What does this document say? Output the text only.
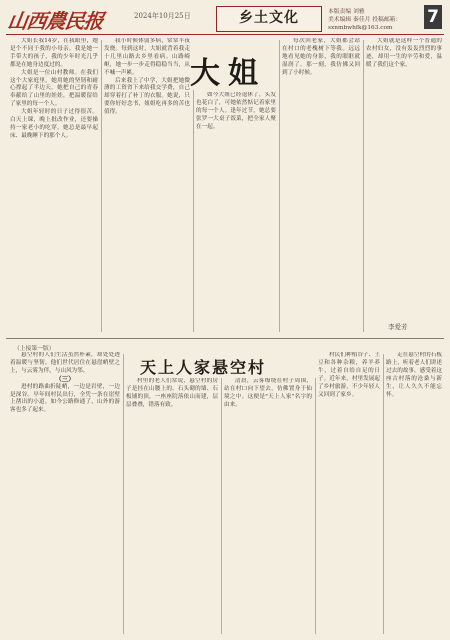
山西農民报	2024年10月25日	乡土文化	本版责编 刘雅
美术编辑 秦佳月 投稿邮箱：sxnmbwhfk@163.com
7
大姐

大姐长我14岁，在我眼里，她是个不同于我的小母亲。我是她一手带大的孩子，我的少年时光几乎都是在她身边度过的。

大姐是一位山村教师。在我们这个大家庭里，她用她的坚韧和耐心撑起了半边天。她把自己的青春奉献给了山里的娃娃，把温暖留给了家里的每一个人。

大姐年轻时的日子过得很苦。白天上课，晚上批改作业，还要操持一家老小的吃穿。她总是最早起床、最晚睡下的那个人。

我小时候体弱多病，常常半夜发烧。每到这时，大姐就背着我走十几里山路去乡里看病。山路崎岖，她一步一步走得稳稳当当，从不喊一声累。

后来我上了中学，大姐把她微薄的工资省下来给我交学费，自己却穿着打了补丁的衣服。她说，只要你好好念书，姐姐吃再多的苦也值得。

如今大姐已经退休了，头发也花白了，可她依然惦记着家里的每一个人。逢年过节，她总要张罗一大桌子饭菜，把全家人聚在一起。

每次回老家，大姐都会站在村口的老槐树下等我。远远地看见她的身影，我的眼眶就湿润了。那一刻，我仿佛又回到了小时候。

大姐就是这样一个普通的农村妇女，没有轰轰烈烈的事迹，却用一生的辛劳和爱，温暖了我们这个家。

李爱芳
（上接第一版）
天上人家悬空村

悬空村的人们生活虽然朴素，却处处透着温暖与坚韧。他们世代居住在悬崖峭壁之上，与云雾为伴，与山风为邻。

（三）

进村的路曲折陡峭，一边是岩壁，一边是深谷。早年间村民出行，全凭一条在崖壁上凿出的小道。如今公路修通了，山外的游客也多了起来。

村里的老人们常说，悬空村的房子是挂在山腰上的。石头砌的墙、石板铺的顶，一座座院落依山而建，层层叠叠，错落有致。

清晨，云雾缭绕在村子周围，站在村口向下望去，仿佛置身于仙境之中。这便是"天上人家"名字的由来。

村民们种植谷子、土豆和各种杂粮，养羊养牛，过着自给自足的日子。近年来，村里发展起了乡村旅游，不少年轻人又回到了家乡。

走在悬空村的石板路上，听着老人们讲述过去的故事，感受着这座古村落的沧桑与新生，让人久久不能忘怀。
